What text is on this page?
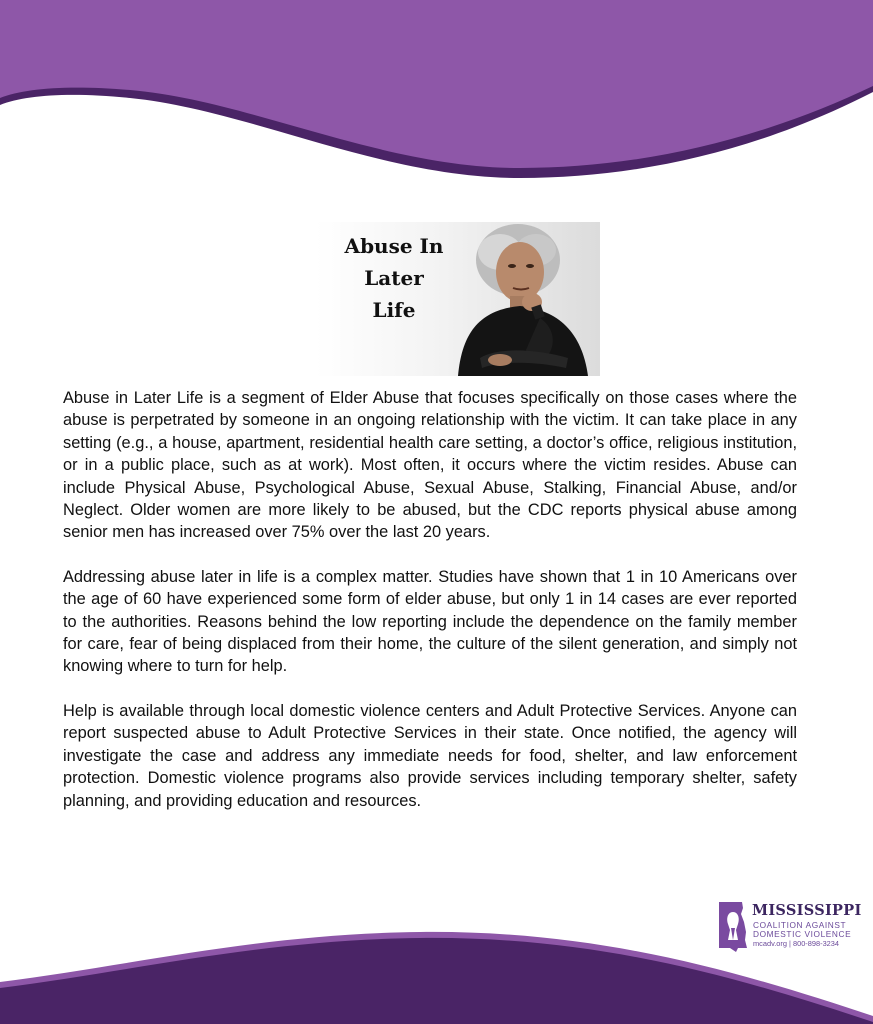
Abuse In
Later
Life

Abuse in Later Life is a segment of Elder Abuse that focuses specifically on those cases where the abuse is perpetrated by someone in an ongoing relationship with the victim. It can take place in any setting (e.g., a house, apartment, residential health care setting, a doctor’s office, religious institution, or in a public place, such as at work). Most often, it occurs where the victim resides. Abuse can include Physical Abuse, Psychological Abuse, Sexual Abuse, Stalking, Financial Abuse, and/or Neglect. Older women are more likely to be abused, but the CDC reports physical abuse among senior men has increased over 75% over the last 20 years.

Addressing abuse later in life is a complex matter. Studies have shown that 1 in 10 Americans over the age of 60 have experienced some form of elder abuse, but only 1 in 14 cases are ever reported to the authorities. Reasons behind the low reporting include the dependence on the family member for care, fear of being displaced from their home, the culture of the silent generation, and simply not knowing where to turn for help.

Help is available through local domestic violence centers and Adult Protective Services. Anyone can report suspected abuse to Adult Protective Services in their state. Once notified, the agency will investigate the case and address any immediate needs for food, shelter, and law enforcement protection. Domestic violence programs also provide services including temporary shelter, safety planning, and providing education and resources.

MISSISSIPPI
COALITION AGAINST
DOMESTIC VIOLENCE
mcadv.org | 800-898-3234
